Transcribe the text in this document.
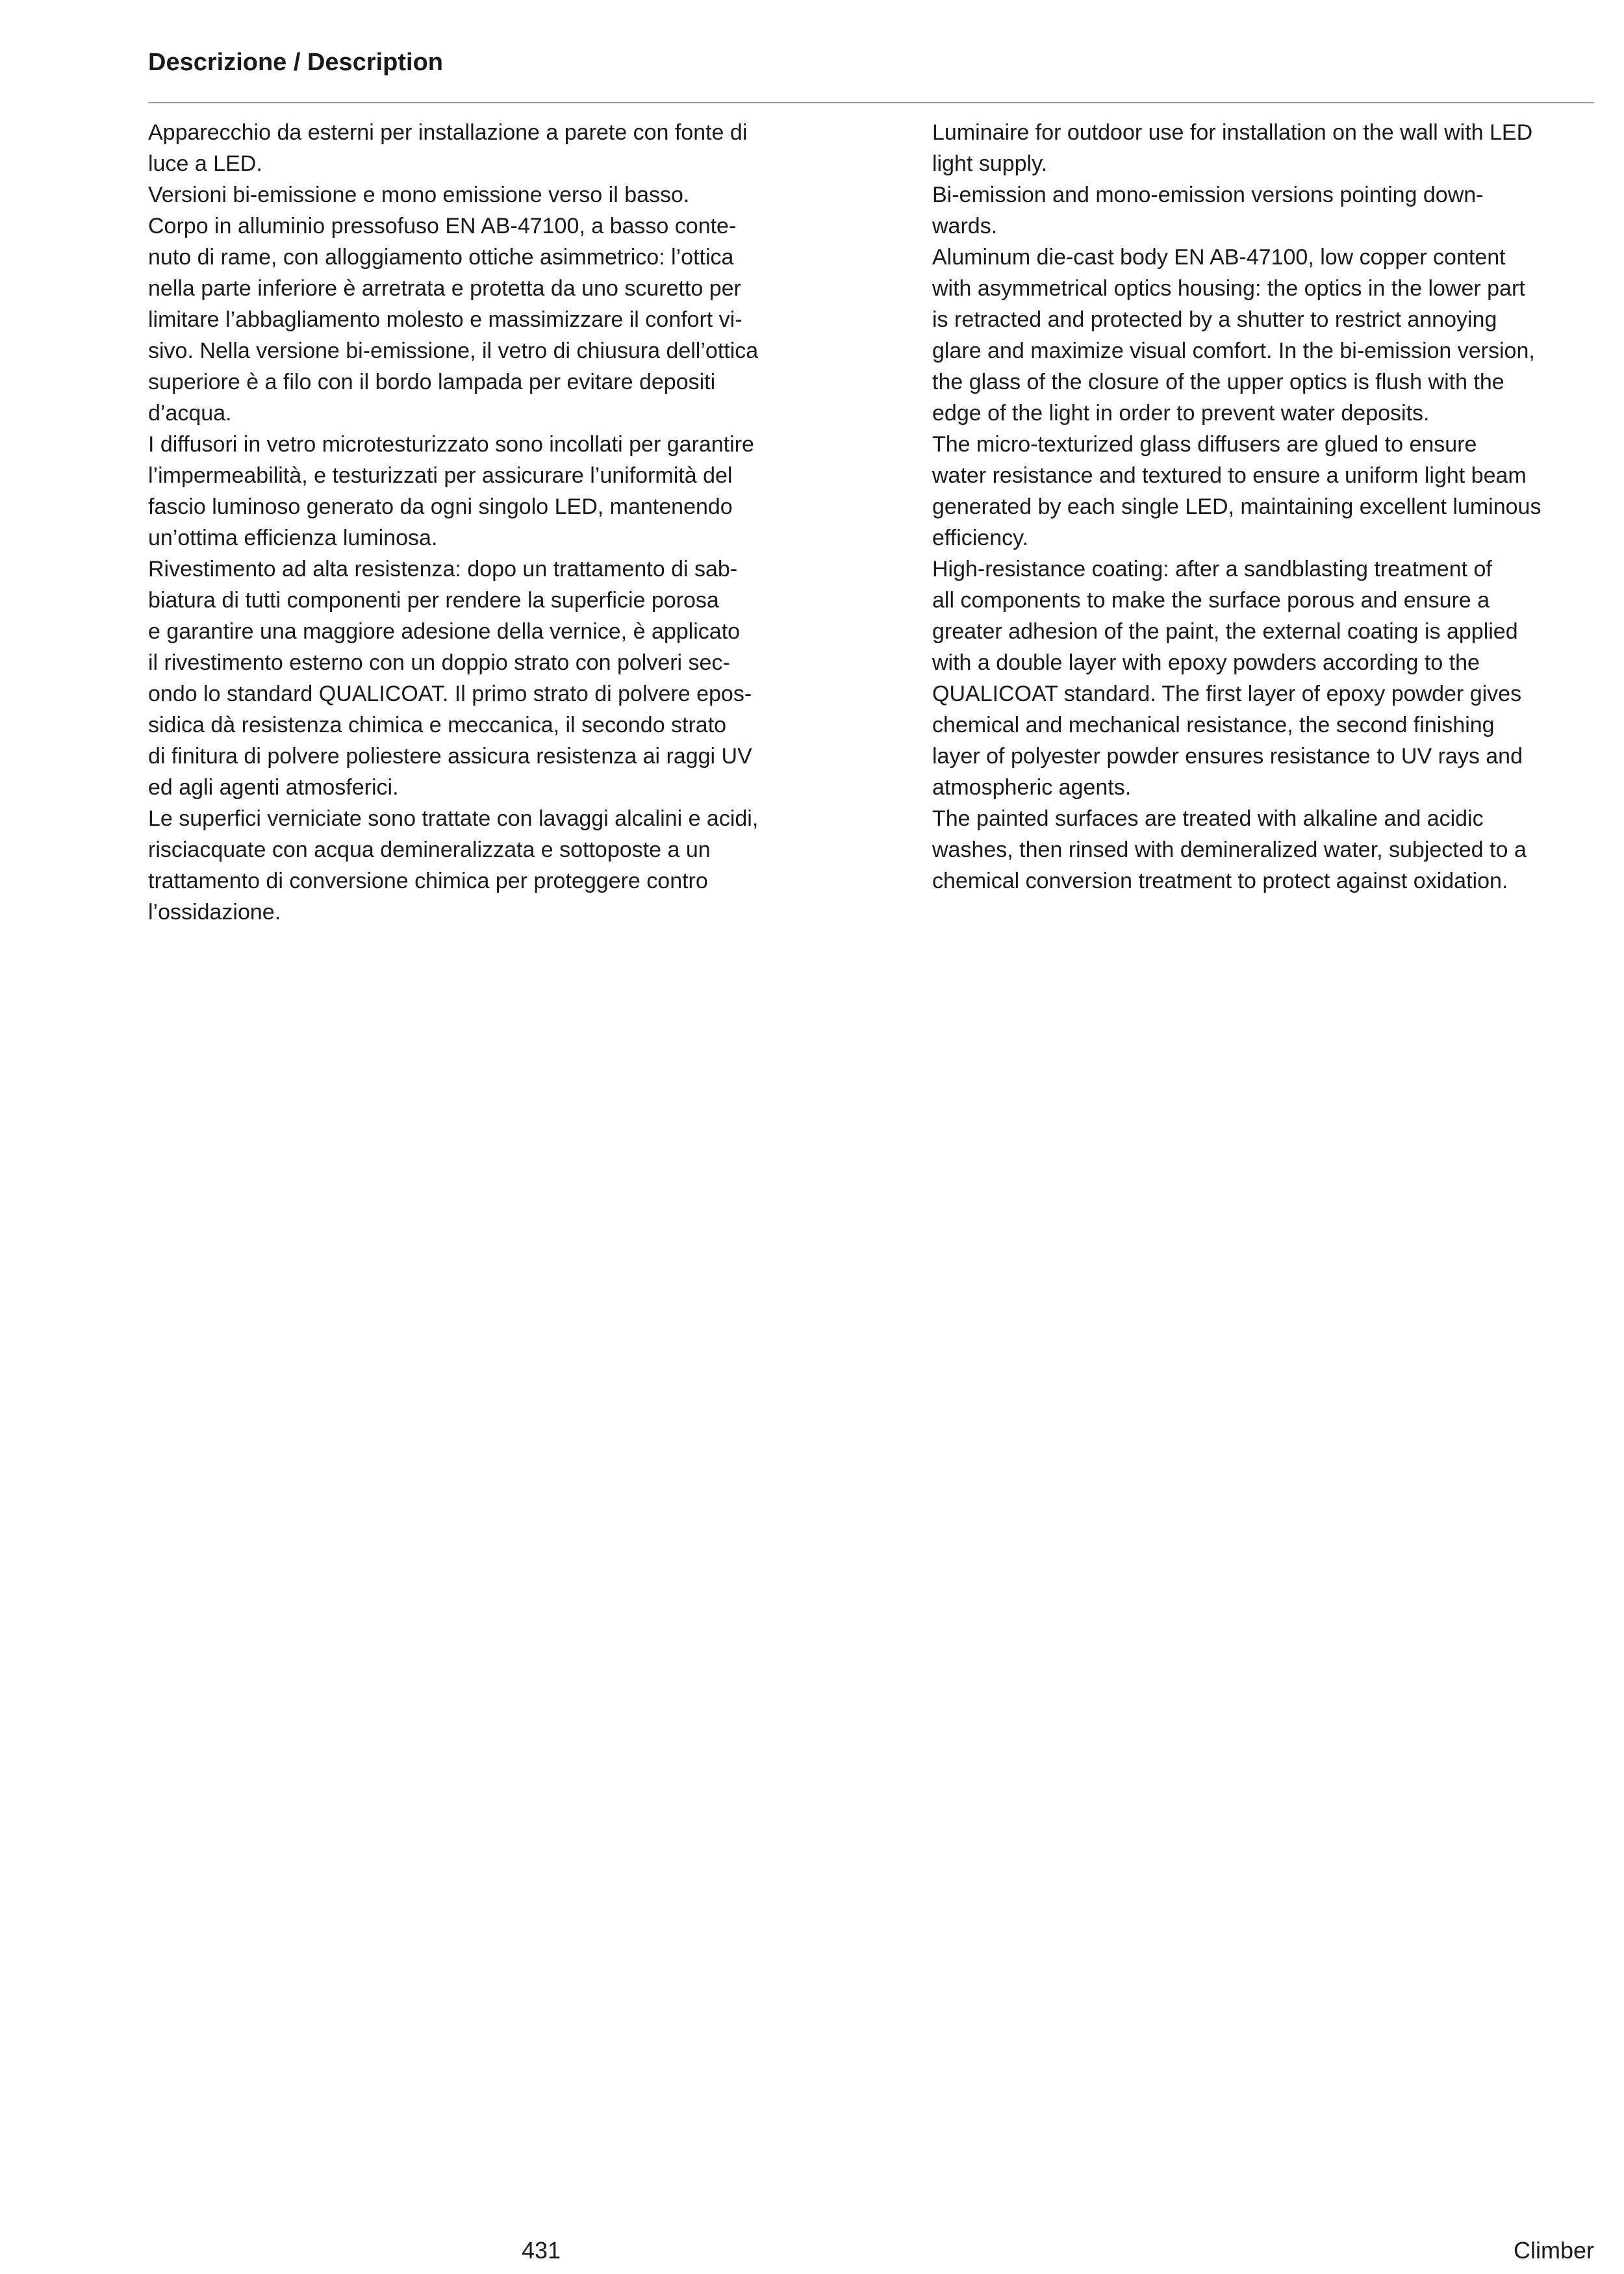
Descrizione / Description

Apparecchio da esterni per installazione a parete con fonte di

luce a LED.

Versioni bi-emissione e mono emissione verso il basso.

Corpo in alluminio pressofuso EN AB-47100, a basso conte-

nuto di rame, con alloggiamento ottiche asimmetrico: l’ottica

nella parte inferiore è arretrata e protetta da uno scuretto per

limitare l’abbagliamento molesto e massimizzare il confort vi-

sivo. Nella versione bi-emissione, il vetro di chiusura dell’ottica

superiore è a filo con il bordo lampada per evitare depositi

d’acqua.

I diffusori in vetro microtesturizzato sono incollati per garantire

l’impermeabilità, e testurizzati per assicurare l’uniformità del

fascio luminoso generato da ogni singolo LED, mantenendo

un’ottima efficienza luminosa.

Rivestimento ad alta resistenza: dopo un trattamento di sab-

biatura di tutti componenti per rendere la superficie porosa

e garantire una maggiore adesione della vernice, è applicato

il rivestimento esterno con un doppio strato con polveri sec-

ondo lo standard QUALICOAT. Il primo strato di polvere epos-

sidica dà resistenza chimica e meccanica, il secondo strato

di finitura di polvere poliestere assicura resistenza ai raggi UV

ed agli agenti atmosferici.

Le superfici verniciate sono trattate con lavaggi alcalini e acidi,

risciacquate con acqua demineralizzata e sottoposte a un

trattamento di conversione chimica per proteggere contro

l’ossidazione.

Luminaire for outdoor use for installation on the wall with LED

light supply.

Bi-emission and mono-emission versions pointing down-

wards.

Aluminum die-cast body EN AB-47100, low copper content

with asymmetrical optics housing: the optics in the lower part

is retracted and protected by a shutter to restrict annoying

glare and maximize visual comfort. In the bi-emission version,

the glass of the closure of the upper optics is flush with the

edge of the light in order to prevent water deposits.

The micro-texturized glass diffusers are glued to ensure

water resistance and textured to ensure a uniform light beam

generated by each single LED, maintaining excellent luminous

efficiency.

High-resistance coating: after a sandblasting treatment of

all components to make the surface porous and ensure a

greater adhesion of the paint, the external coating is applied

with a double layer with epoxy powders according to the

QUALICOAT standard. The first layer of epoxy powder gives

chemical and mechanical resistance, the second finishing

layer of polyester powder ensures resistance to UV rays and

atmospheric agents.

The painted surfaces are treated with alkaline and acidic

washes, then rinsed with demineralized water, subjected to a

chemical conversion treatment to protect against oxidation.

431	Climber
